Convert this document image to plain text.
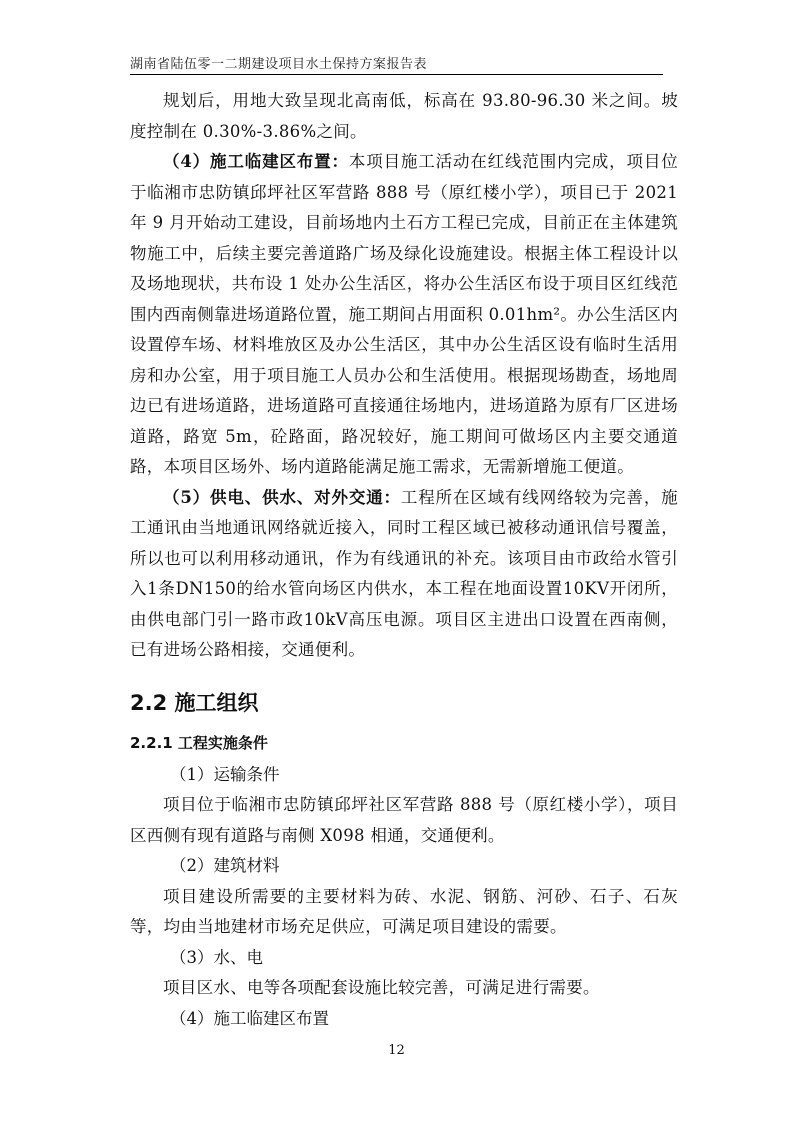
湖南省陆伍零一二期建设项目水土保持方案报告表

规划后，用地大致呈现北高南低，标高在 93.80-96.30 米之间。坡度控制在 0.30%-3.86%之间。

（4）施工临建区布置：本项目施工活动在红线范围内完成，项目位于临湘市忠防镇邱坪社区军营路 888 号（原红楼小学），项目已于 2021 年 9 月开始动工建设，目前场地内土石方工程已完成，目前正在主体建筑物施工中，后续主要完善道路广场及绿化设施建设。根据主体工程设计以及场地现状，共布设 1 处办公生活区，将办公生活区布设于项目区红线范围内西南侧靠进场道路位置，施工期间占用面积 0.01hm²。办公生活区内设置停车场、材料堆放区及办公生活区，其中办公生活区设有临时生活用房和办公室，用于项目施工人员办公和生活使用。根据现场勘查，场地周边已有进场道路，进场道路可直接通往场地内，进场道路为原有厂区进场道路，路宽 5m，砼路面，路况较好，施工期间可做场区内主要交通道路，本项目区场外、场内道路能满足施工需求，无需新增施工便道。

（5）供电、供水、对外交通：工程所在区域有线网络较为完善，施工通讯由当地通讯网络就近接入，同时工程区域已被移动通讯信号覆盖，所以也可以利用移动通讯，作为有线通讯的补充。该项目由市政给水管引入1条DN150的给水管向场区内供水，本工程在地面设置10KV开闭所，由供电部门引一路市政10kV高压电源。项目区主进出口设置在西南侧，已有进场公路相接，交通便利。

2.2 施工组织
2.2.1 工程实施条件

（1）运输条件

项目位于临湘市忠防镇邱坪社区军营路 888 号（原红楼小学），项目区西侧有现有道路与南侧 X098 相通，交通便利。

（2）建筑材料

项目建设所需要的主要材料为砖、水泥、钢筋、河砂、石子、石灰等，均由当地建材市场充足供应，可满足项目建设的需要。

（3）水、电

项目区水、电等各项配套设施比较完善，可满足进行需要。

（4）施工临建区布置

12
